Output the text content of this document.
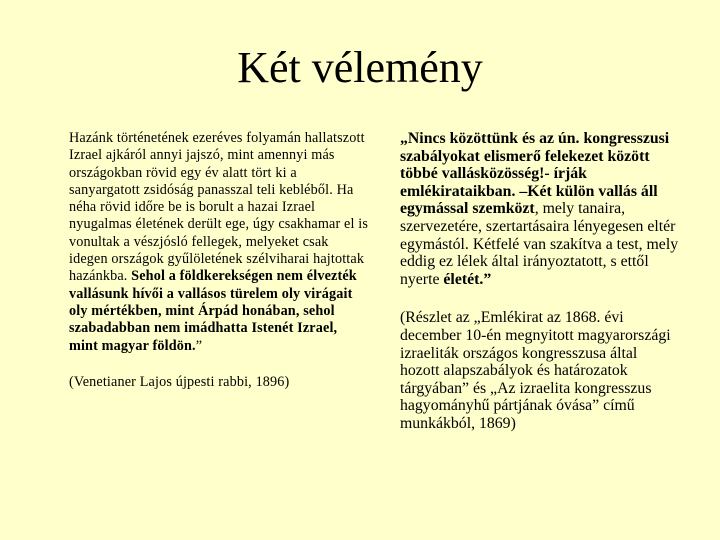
Két vélemény

Hazánk történetének ezeréves folyamán hallatszott Izrael ajkáról annyi jajszó, mint amennyi más országokban rövid egy év alatt tört ki a sanyargatott zsidóság panasszal teli kebléből. Ha néha rövid időre be is borult a hazai Izrael nyugalmas életének derült ege, úgy csakhamar el is vonultak a vészjósló fellegek, melyeket csak idegen országok gyűlöletének szélviharai hajtottak hazánkba. Sehol a földkerekségen nem élvezték vallásunk hívői a vallásos türelem oly virágait oly mértékben, mint Árpád honában, sehol szabadabban nem imádhatta Istenét Izrael, mint magyar földön.”

(Venetianer Lajos újpesti rabbi, 1896)

„Nincs közöttünk és az ún. kongresszusi szabályokat elismerő felekezet között többé vallásközösség!- írják emlékirataikban. –Két külön vallás áll egymással szemközt, mely tanaira, szervezetére, szertartásaira lényegesen eltér egymástól. Kétfelé van szakítva a test, mely eddig ez lélek által irányoztatott, s ettől nyerte életét.”

(Részlet az „Emlékirat az 1868. évi december 10-én megnyitott magyarországi izraeliták országos kongresszusa által hozott alapszabályok és határozatok tárgyában” és „Az izraelita kongresszus hagyományhű pártjának óvása” című munkákból, 1869)
